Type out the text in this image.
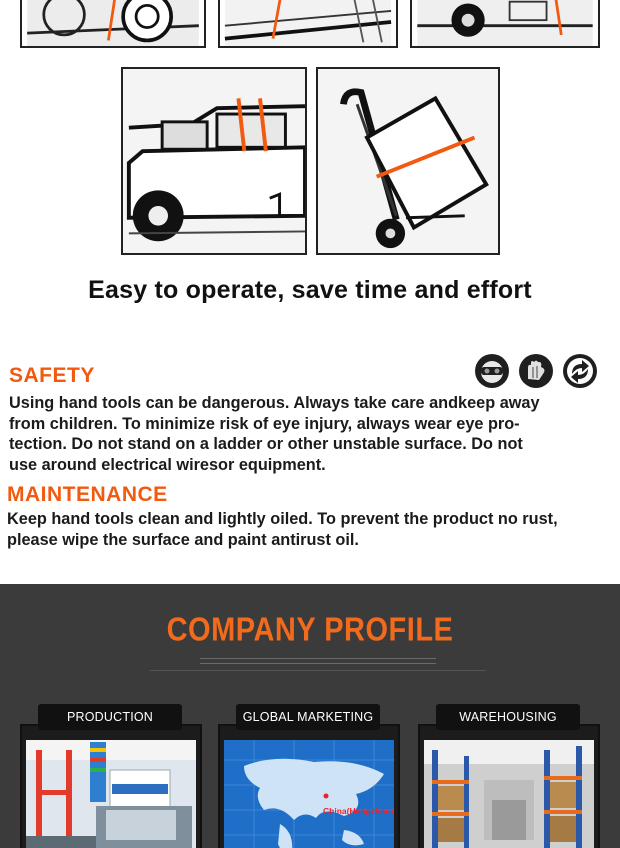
Easy to operate, save time and effort
SAFETY
Using hand tools can be dangerous. Always take care andkeep away
from children. To minimize risk of eye injury, always wear eye pro-
tection. Do not stand on a ladder or other unstable surface. Do not
use around electrical wiresor equipment.
MAINTENANCE
Keep hand tools clean and lightly oiled. To prevent the product no rust,
please wipe the surface and paint antirust oil.
COMPANY PROFILE
PRODUCTION
China(Hangzhou)
GLOBAL MARKETING	WAREHOUSING
